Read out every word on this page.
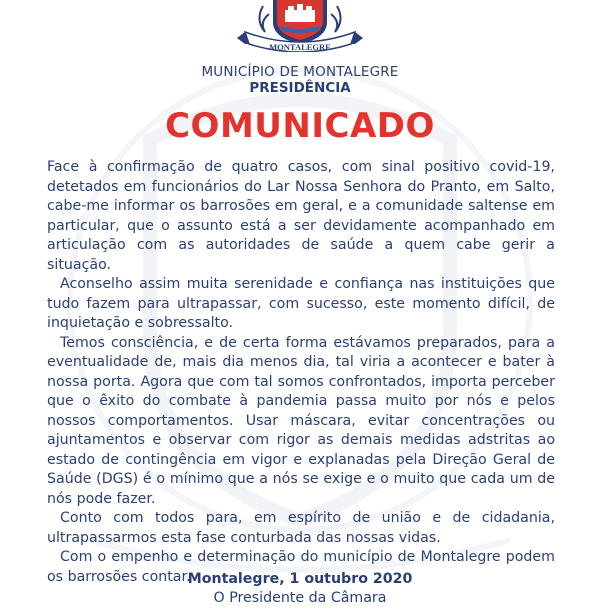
MONTALEGRE
MUNICÍPIO DE MONTALEGRE
PRESIDÊNCIA
COMUNICADO

Face à confirmação de quatro casos, com sinal positivo covid-19, detetados em funcionários do Lar Nossa Senhora do Pranto, em Salto, cabe-me informar os barrosões em geral, e a comunidade saltense em particular, que o assunto está a ser devidamente acompanhado em articulação com as autoridades de saúde a quem cabe gerir a situação.

Aconselho assim muita serenidade e confiança nas instituições que tudo fazem para ultrapassar, com sucesso, este momento difícil, de inquietação e sobressalto.

Temos consciência, e de certa forma estávamos preparados, para a eventualidade de, mais dia menos dia, tal viria a acontecer e bater à nossa porta. Agora que com tal somos confrontados, importa perceber que o êxito do combate à pandemia passa muito por nós e pelos nossos comportamentos. Usar máscara, evitar concentrações ou ajuntamentos e observar com rigor as demais medidas adstritas ao estado de contingência em vigor e explanadas pela Direção Geral de Saúde (DGS) é o mínimo que a nós se exige e o muito que cada um de nós pode fazer.

Conto com todos para, em espírito de união e de cidadania, ultrapassarmos esta fase conturbada das nossas vidas.

Com o empenho e determinação do município de Montalegre podem os barrosões contar.

Montalegre, 1 outubro 2020
O Presidente da Câmara
